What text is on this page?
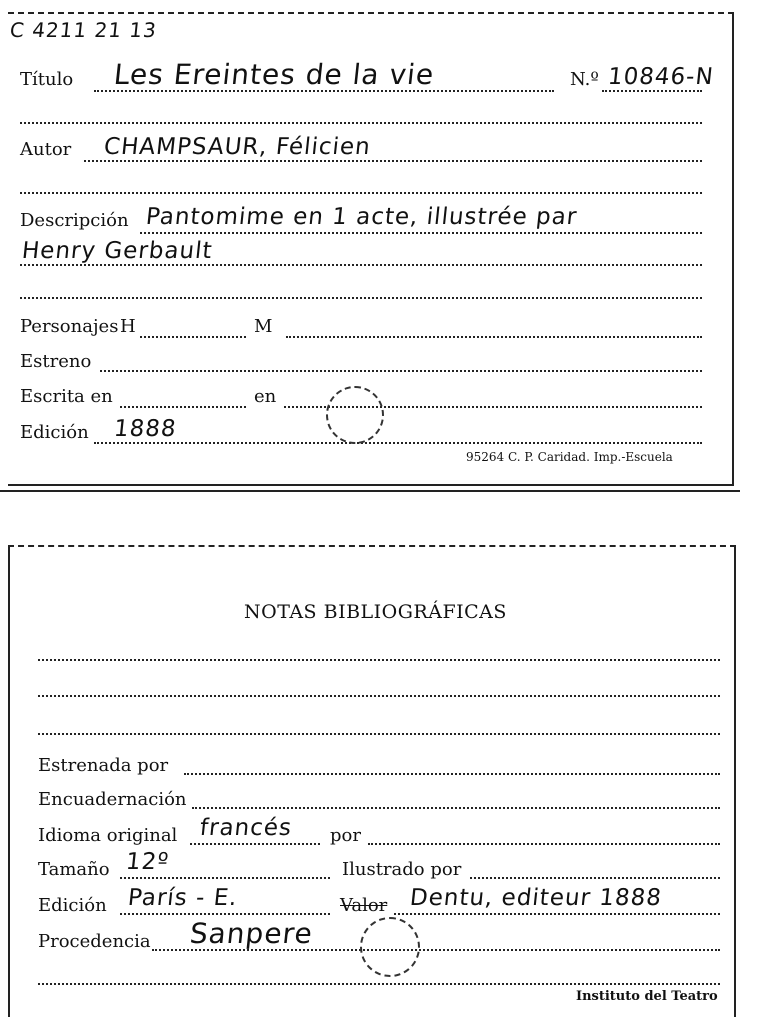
C 4211 21 13
Título Les Ereintes de la vie	N.º 10846-N
Autor CHAMPSAUR, Félicien
Descripción Pantomime en 1 acte, illustrée par
Henry Gerbault
Personajes H	M
Estreno
Escrita en	en
Edición 1888
95264 C. P. Caridad. Imp.-Escuela
NOTAS BIBLIOGRÁFICAS
Estrenada por
Encuadernación
Idioma original francés por
Tamaño 12º	Ilustrado por
Edición París - E.	Valor Dentu, editeur 1888
Procedencia Sanpere
Instituto del Teatro
